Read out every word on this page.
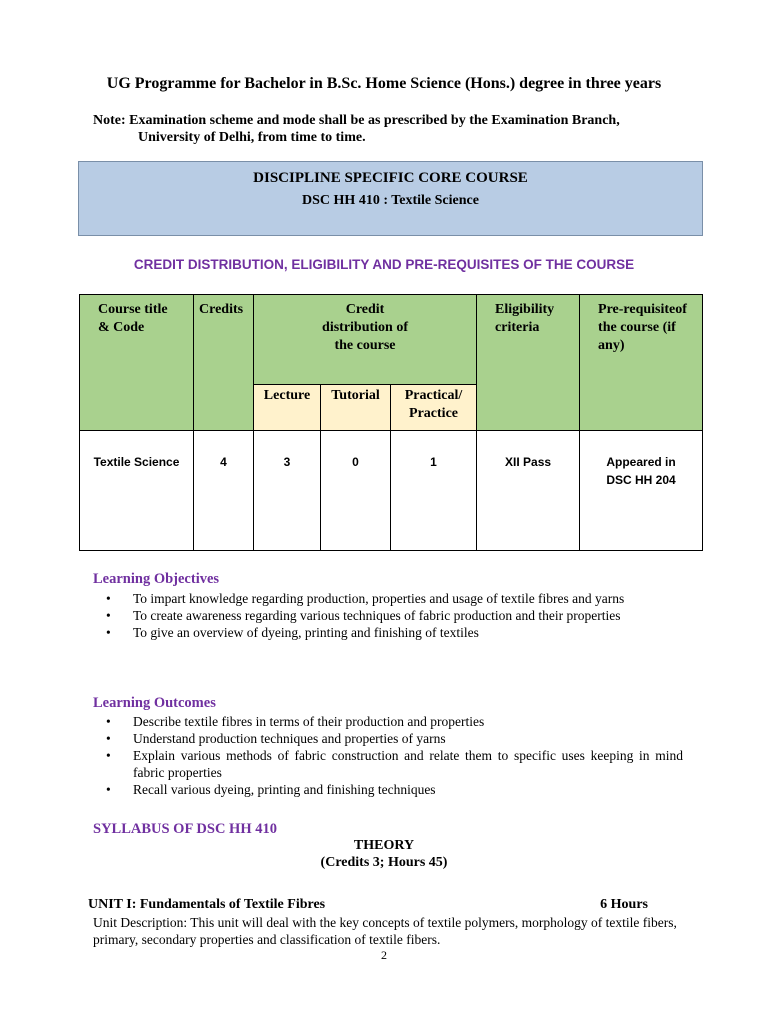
UG Programme for Bachelor in B.Sc. Home Science (Hons.) degree in three years
Note: Examination scheme and mode shall be as prescribed by the Examination Branch,
University of Delhi, from time to time.
DISCIPLINE SPECIFIC CORE COURSE
DSC HH 410 : Textile Science
CREDIT DISTRIBUTION, ELIGIBILITY AND PRE-REQUISITES OF THE COURSE
Course title & Code	Credits	Credit distribution of the course			Eligibility criteria	Pre-requisiteof the course (if any)

		Lecture	Tutorial	Practical/ Practice		

Textile Science	4	3	0	1	XII Pass	Appeared in DSC HH 204
Learning Objectives
• To impart knowledge regarding production, properties and usage of textile fibres and yarns
• To create awareness regarding various techniques of fabric production and their properties
• To give an overview of dyeing, printing and finishing of textiles
Learning Outcomes
• Describe textile fibres in terms of their production and properties
• Understand production techniques and properties of yarns
• Explain various methods of fabric construction and relate them to specific uses keeping in mind fabric properties
• Recall various dyeing, printing and finishing techniques
SYLLABUS OF DSC HH 410
THEORY
(Credits 3; Hours 45)
UNIT I: Fundamentals of Textile Fibres	6 Hours
Unit Description: This unit will deal with the key concepts of textile polymers, morphology of textile fibers, primary, secondary properties and classification of textile fibers.
2
